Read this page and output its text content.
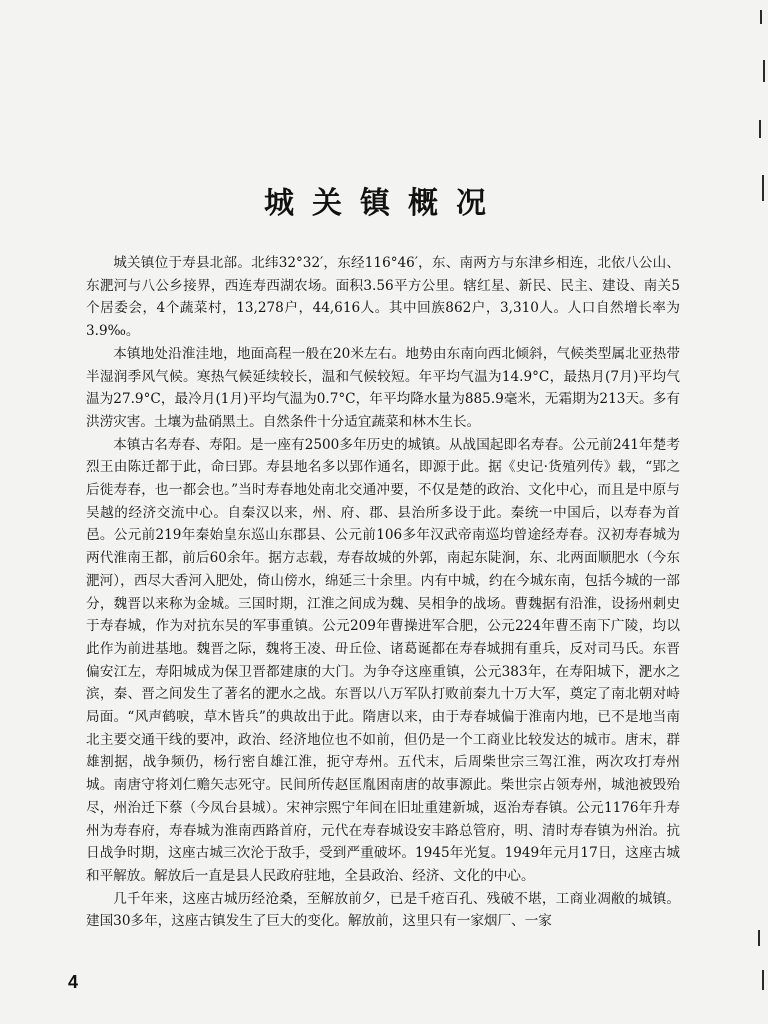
城关镇概况

城关镇位于寿县北部。北纬32°32′，东经116°46′，东、南两方与东津乡相连，北依八公山、东淝河与八公乡接界，西连寿西湖农场。面积3.56平方公里。辖红星、新民、民主、建设、南关5个居委会，4个蔬菜村，13,278户，44,616人。其中回族862户，3,310人。人口自然增长率为3.9‰。

本镇地处沿淮洼地，地面高程一般在20米左右。地势由东南向西北倾斜，气候类型属北亚热带半湿润季风气候。寒热气候延续较长，温和气候较短。年平均气温为14.9°C，最热月(7月)平均气温为27.9°C，最冷月(1月)平均气温为0.7°C，年平均降水量为885.9毫米，无霜期为213天。多有洪涝灾害。土壤为盐硝黑土。自然条件十分适宜蔬菜和林木生长。

本镇古名寿春、寿阳。是一座有2500多年历史的城镇。从战国起即名寿春。公元前241年楚考烈王由陈迁都于此，命曰郢。寿县地名多以郢作通名，即源于此。据《史记·货殖列传》载，“郢之后徙寿春，也一都会也。”当时寿春地处南北交通冲要，不仅是楚的政治、文化中心，而且是中原与吴越的经济交流中心。自秦汉以来，州、府、郡、县治所多设于此。秦统一中国后，以寿春为首邑。公元前219年秦始皇东巡山东郡县、公元前106多年汉武帝南巡均曾途经寿春。汉初寿春城为两代淮南王都，前后60余年。据方志载，寿春故城的外郭，南起东陡涧，东、北两面顺肥水（今东淝河），西尽大香河入肥处，倚山傍水，绵延三十余里。内有中城，约在今城东南，包括今城的一部分，魏晋以来称为金城。三国时期，江淮之间成为魏、吴相争的战场。曹魏据有沿淮，设扬州刺史于寿春城，作为对抗东吴的军事重镇。公元209年曹操进军合肥，公元224年曹丕南下广陵，均以此作为前进基地。魏晋之际，魏将王凌、毌丘俭、诸葛诞都在寿春城拥有重兵，反对司马氏。东晋偏安江左，寿阳城成为保卫晋都建康的大门。为争夺这座重镇，公元383年，在寿阳城下，淝水之滨，秦、晋之间发生了著名的淝水之战。东晋以八万军队打败前秦九十万大军，奠定了南北朝对峙局面。“风声鹤唳，草木皆兵”的典故出于此。隋唐以来，由于寿春城偏于淮南内地，已不是地当南北主要交通干线的要冲，政治、经济地位也不如前，但仍是一个工商业比较发达的城市。唐末，群雄割据，战争频仍，杨行密自雄江淮，扼守寿州。五代末，后周柴世宗三驾江淮，两次攻打寿州城。南唐守将刘仁赡矢志死守。民间所传赵匡胤困南唐的故事源此。柴世宗占领寿州，城池被毁殆尽，州治迁下蔡（今凤台县城）。宋神宗熙宁年间在旧址重建新城，返治寿春镇。公元1176年升寿州为寿春府，寿春城为淮南西路首府，元代在寿春城设安丰路总管府，明、清时寿春镇为州治。抗日战争时期，这座古城三次沦于敌手，受到严重破坏。1945年光复。1949年元月17日，这座古城和平解放。解放后一直是县人民政府驻地，全县政治、经济、文化的中心。

几千年来，这座古城历经沧桑，至解放前夕，已是千疮百孔、残破不堪，工商业凋敝的城镇。建国30多年，这座古镇发生了巨大的变化。解放前，这里只有一家烟厂、一家

4
